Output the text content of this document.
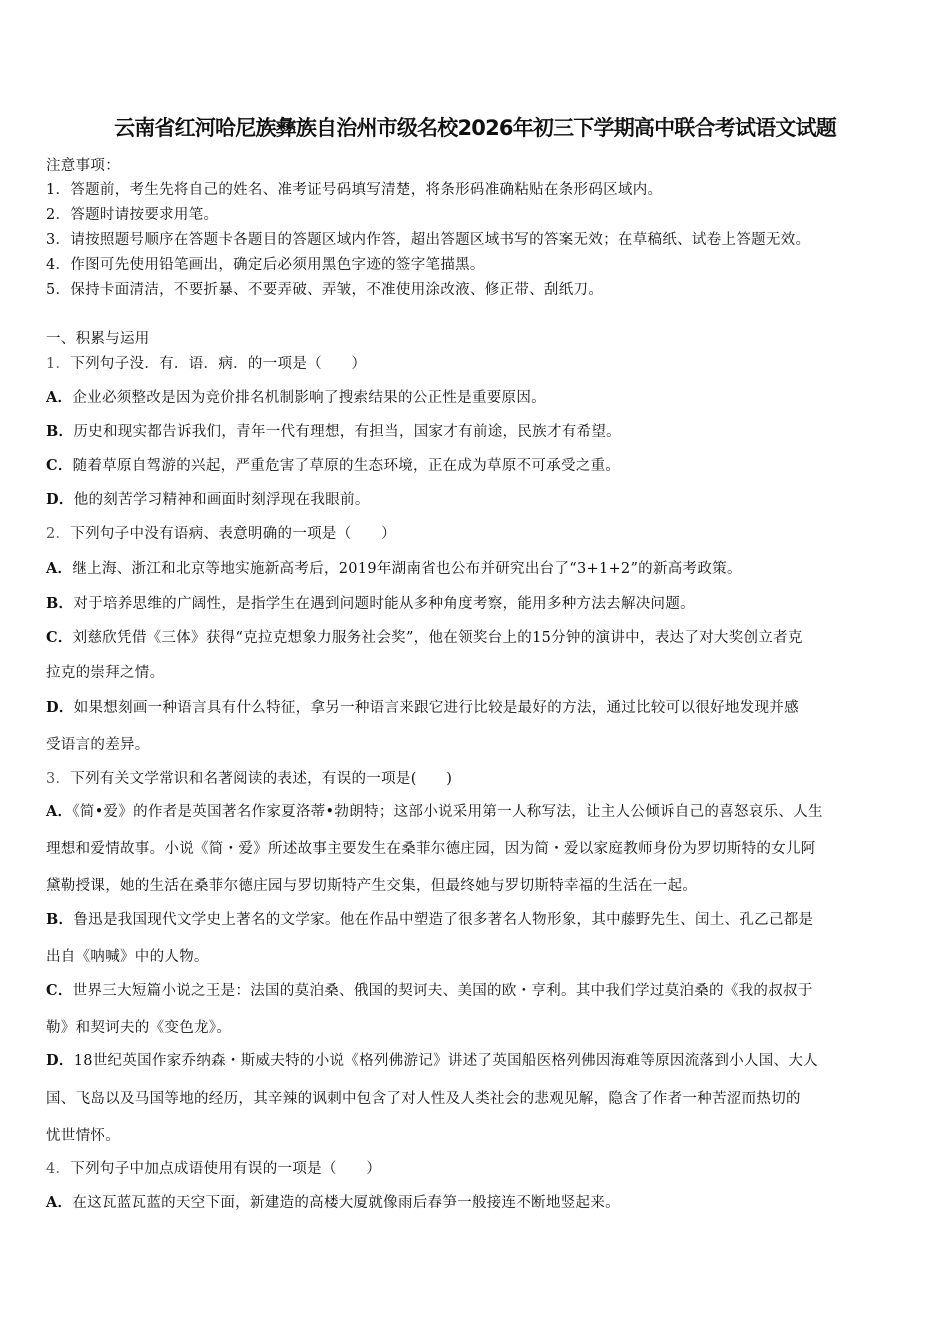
云南省红河哈尼族彝族自治州市级名校2026年初三下学期高中联合考试语文试题
注意事项：
1．答题前，考生先将自己的姓名、准考证号码填写清楚，将条形码准确粘贴在条形码区域内。
2．答题时请按要求用笔。
3．请按照题号顺序在答题卡各题目的答题区域内作答，超出答题区域书写的答案无效；在草稿纸、试卷上答题无效。
4．作图可先使用铅笔画出，确定后必须用黑色字迹的签字笔描黑。
5．保持卡面清洁，不要折暴、不要弄破、弄皱，不准使用涂改液、修正带、刮纸刀。
一、积累与运用
1．下列句子没．有．语．病．的一项是（　　）
A．企业必须整改是因为竞价排名机制影响了搜索结果的公正性是重要原因。
B．历史和现实都告诉我们，青年一代有理想，有担当，国家才有前途，民族才有希望。
C．随着草原自驾游的兴起，严重危害了草原的生态环境，正在成为草原不可承受之重。
D．他的刻苦学习精神和画面时刻浮现在我眼前。
2．下列句子中没有语病、表意明确的一项是（　　）
A．继上海、浙江和北京等地实施新高考后，2019年湖南省也公布并研究出台了“3+1+2”的新高考政策。
B．对于培养思维的广阔性，是指学生在遇到问题时能从多种角度考察，能用多种方法去解决问题。
C．刘慈欣凭借《三体》获得“克拉克想象力服务社会奖”，他在领奖台上的15分钟的演讲中，表达了对大奖创立者克
拉克的崇拜之情。
D．如果想刻画一种语言具有什么特征，拿另一种语言来跟它进行比较是最好的方法，通过比较可以很好地发现并感
受语言的差异。
3．下列有关文学常识和名著阅读的表述，有误的一项是(　　)
A．《简•爱》的作者是英国著名作家夏洛蒂•勃朗特；这部小说采用第一人称写法，让主人公倾诉自己的喜怒哀乐、人生
理想和爱情故事。小说《简・爱》所述故事主要发生在桑菲尔德庄园，因为简・爱以家庭教师身份为罗切斯特的女儿阿
黛勒授课，她的生活在桑菲尔德庄园与罗切斯特产生交集，但最终她与罗切斯特幸福的生活在一起。
B．鲁迅是我国现代文学史上著名的文学家。他在作品中塑造了很多著名人物形象，其中藤野先生、闰土、孔乙己都是
出自《呐喊》中的人物。
C．世界三大短篇小说之王是：法国的莫泊桑、俄国的契诃夫、美国的欧・亨利。其中我们学过莫泊桑的《我的叔叔于
勒》和契诃夫的《变色龙》。
D．18世纪英国作家乔纳森・斯威夫特的小说《格列佛游记》讲述了英国船医格列佛因海难等原因流落到小人国、大人
国、飞岛以及马国等地的经历，其辛辣的讽刺中包含了对人性及人类社会的悲观见解，隐含了作者一种苦涩而热切的
忧世情怀。
4．下列句子中加点成语使用有误的一项是（　　）
A．在这瓦蓝瓦蓝的天空下面，新建造的高楼大厦就像雨后春笋一般接连不断地竖起来。
